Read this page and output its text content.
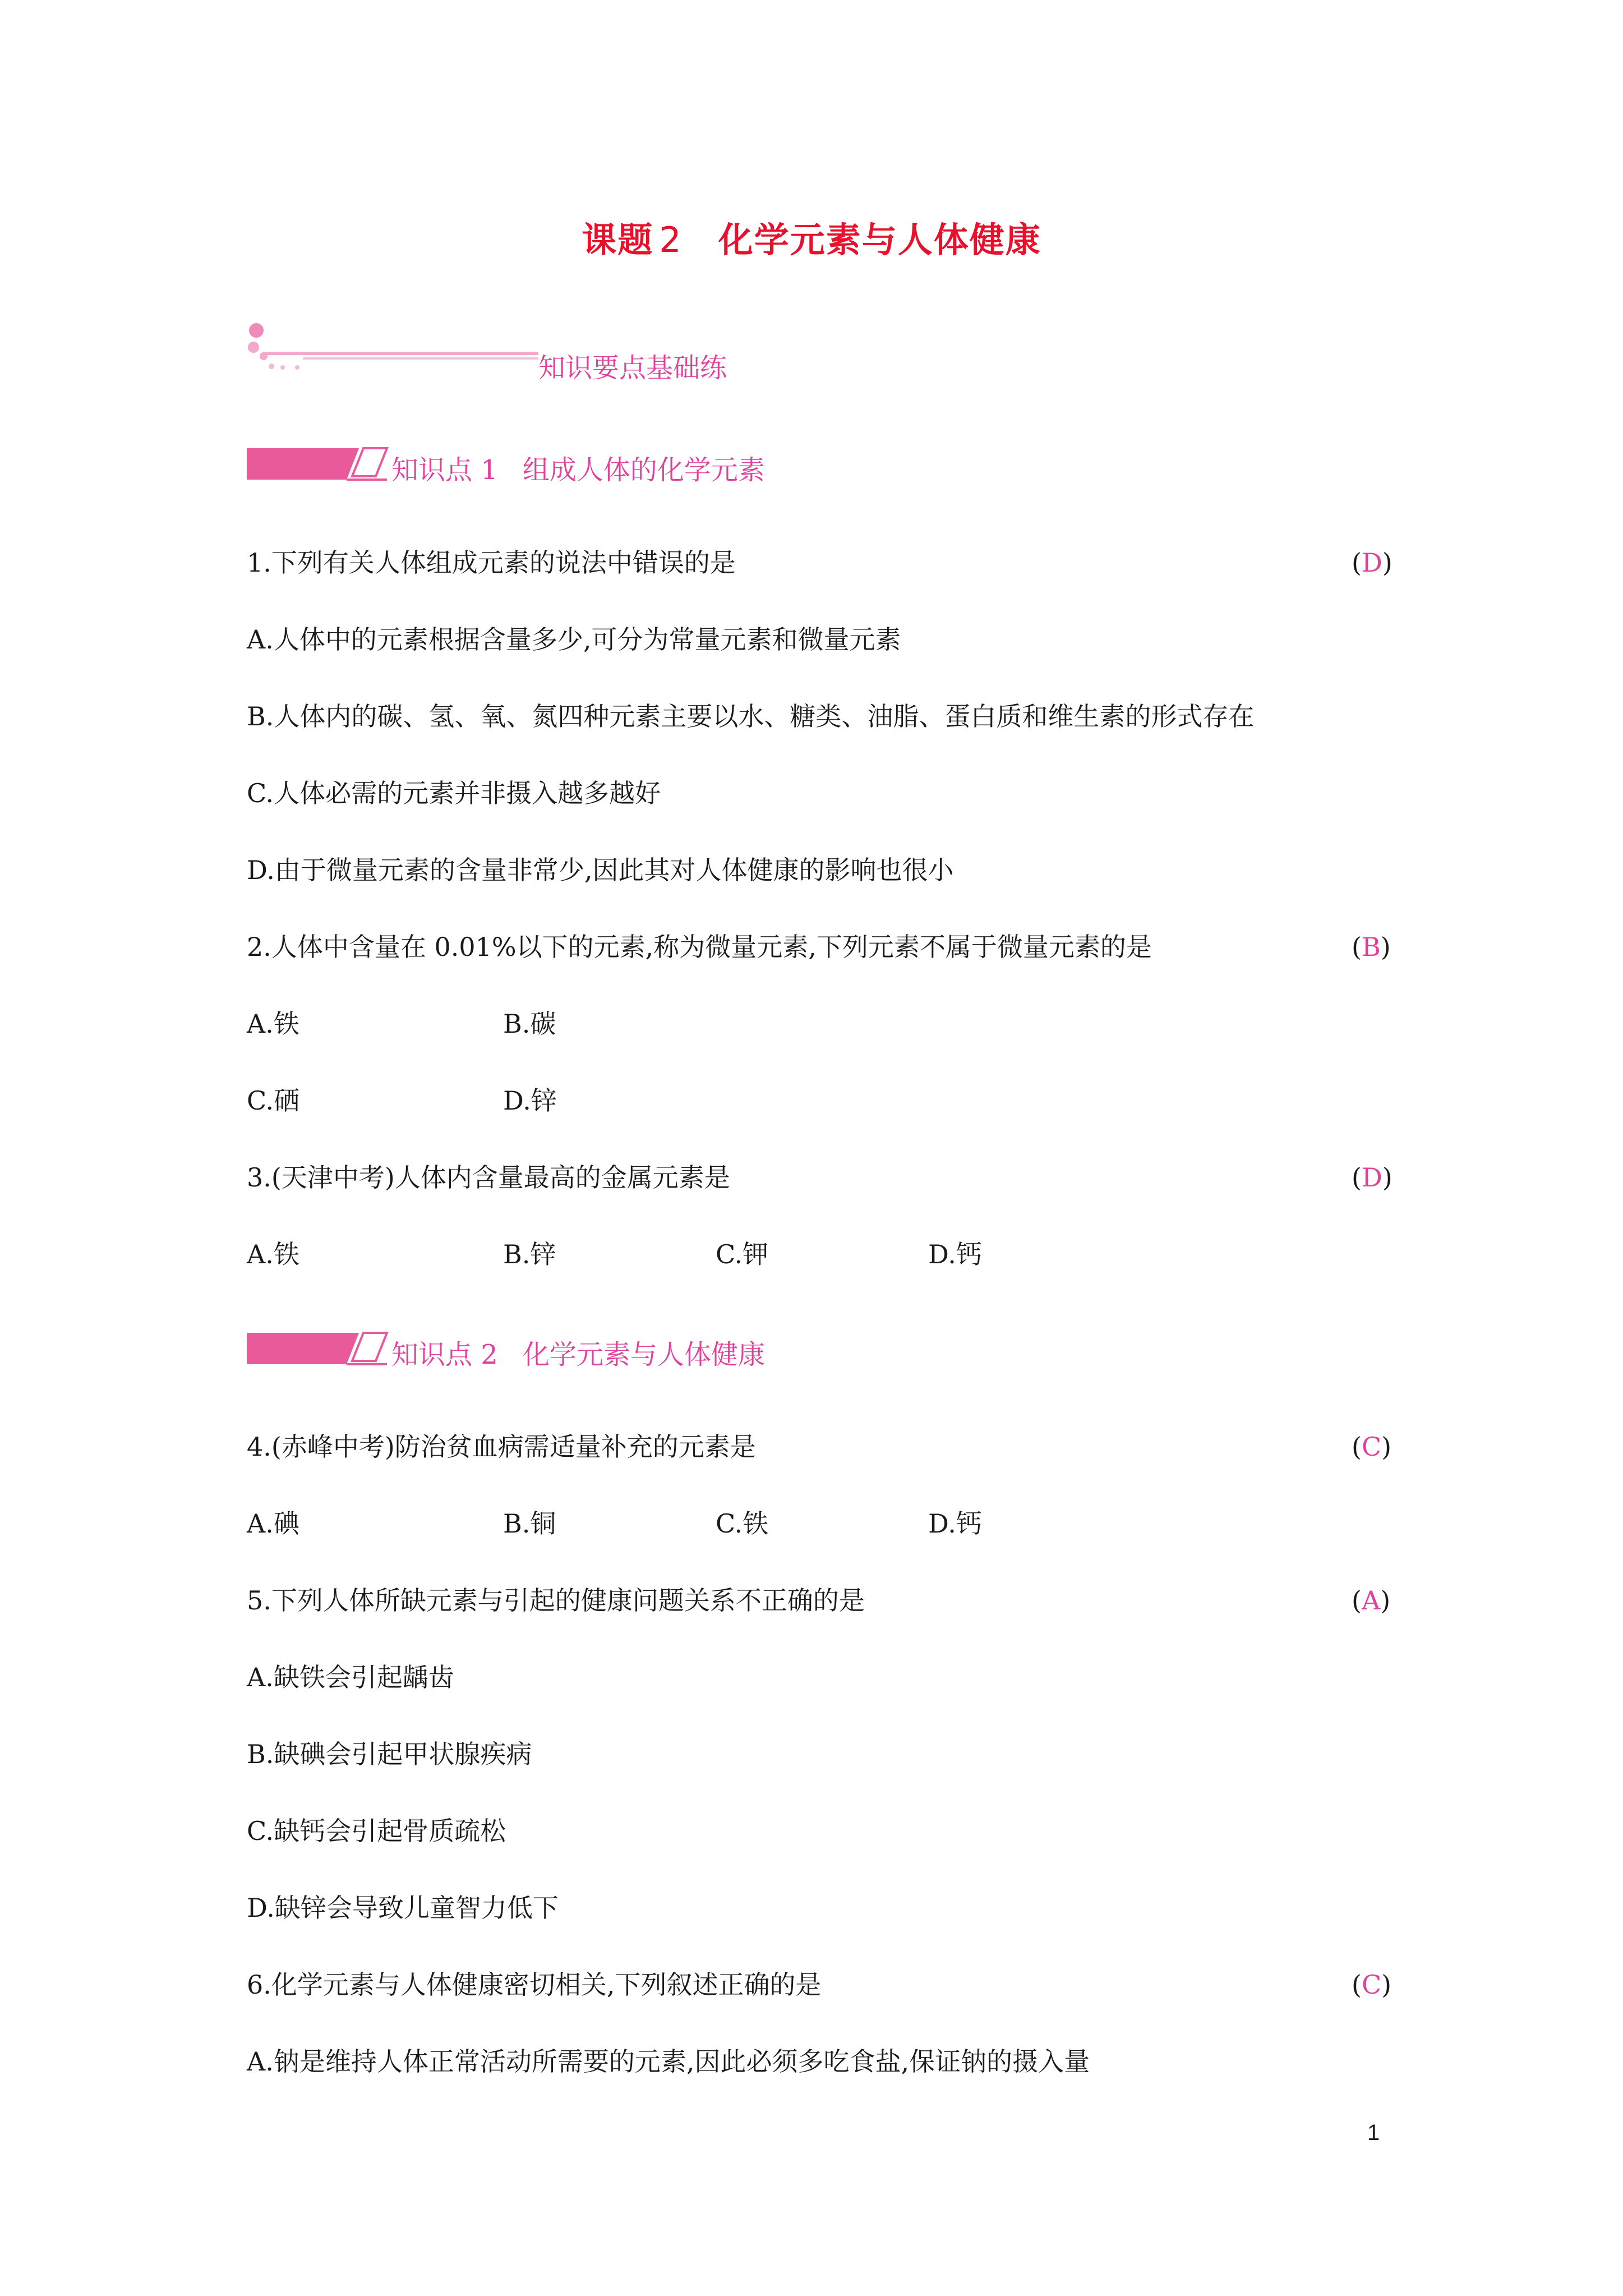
课题 2 化学元素与人体健康
知识要点基础练
知识点 1 组成人体的化学元素
1.下列有关人体组成元素的说法中错误的是	(D)
A.人体中的元素根据含量多少,可分为常量元素和微量元素
B.人体内的碳、氢、氧、氮四种元素主要以水、糖类、油脂、蛋白质和维生素的形式存在
C.人体必需的元素并非摄入越多越好
D.由于微量元素的含量非常少,因此其对人体健康的影响也很小
2.人体中含量在 0.01%以下的元素,称为微量元素,下列元素不属于微量元素的是	(B)
A.铁	B.碳
C.硒	D.锌
3.(天津中考)人体内含量最高的金属元素是	(D)
A.铁	B.锌	C.钾	D.钙
知识点 2 化学元素与人体健康
4.(赤峰中考)防治贫血病需适量补充的元素是	(C)
A.碘	B.铜	C.铁	D.钙
5.下列人体所缺元素与引起的健康问题关系不正确的是	(A)
A.缺铁会引起龋齿
B.缺碘会引起甲状腺疾病
C.缺钙会引起骨质疏松
D.缺锌会导致儿童智力低下
6.化学元素与人体健康密切相关,下列叙述正确的是	(C)
A.钠是维持人体正常活动所需要的元素,因此必须多吃食盐,保证钠的摄入量
1
